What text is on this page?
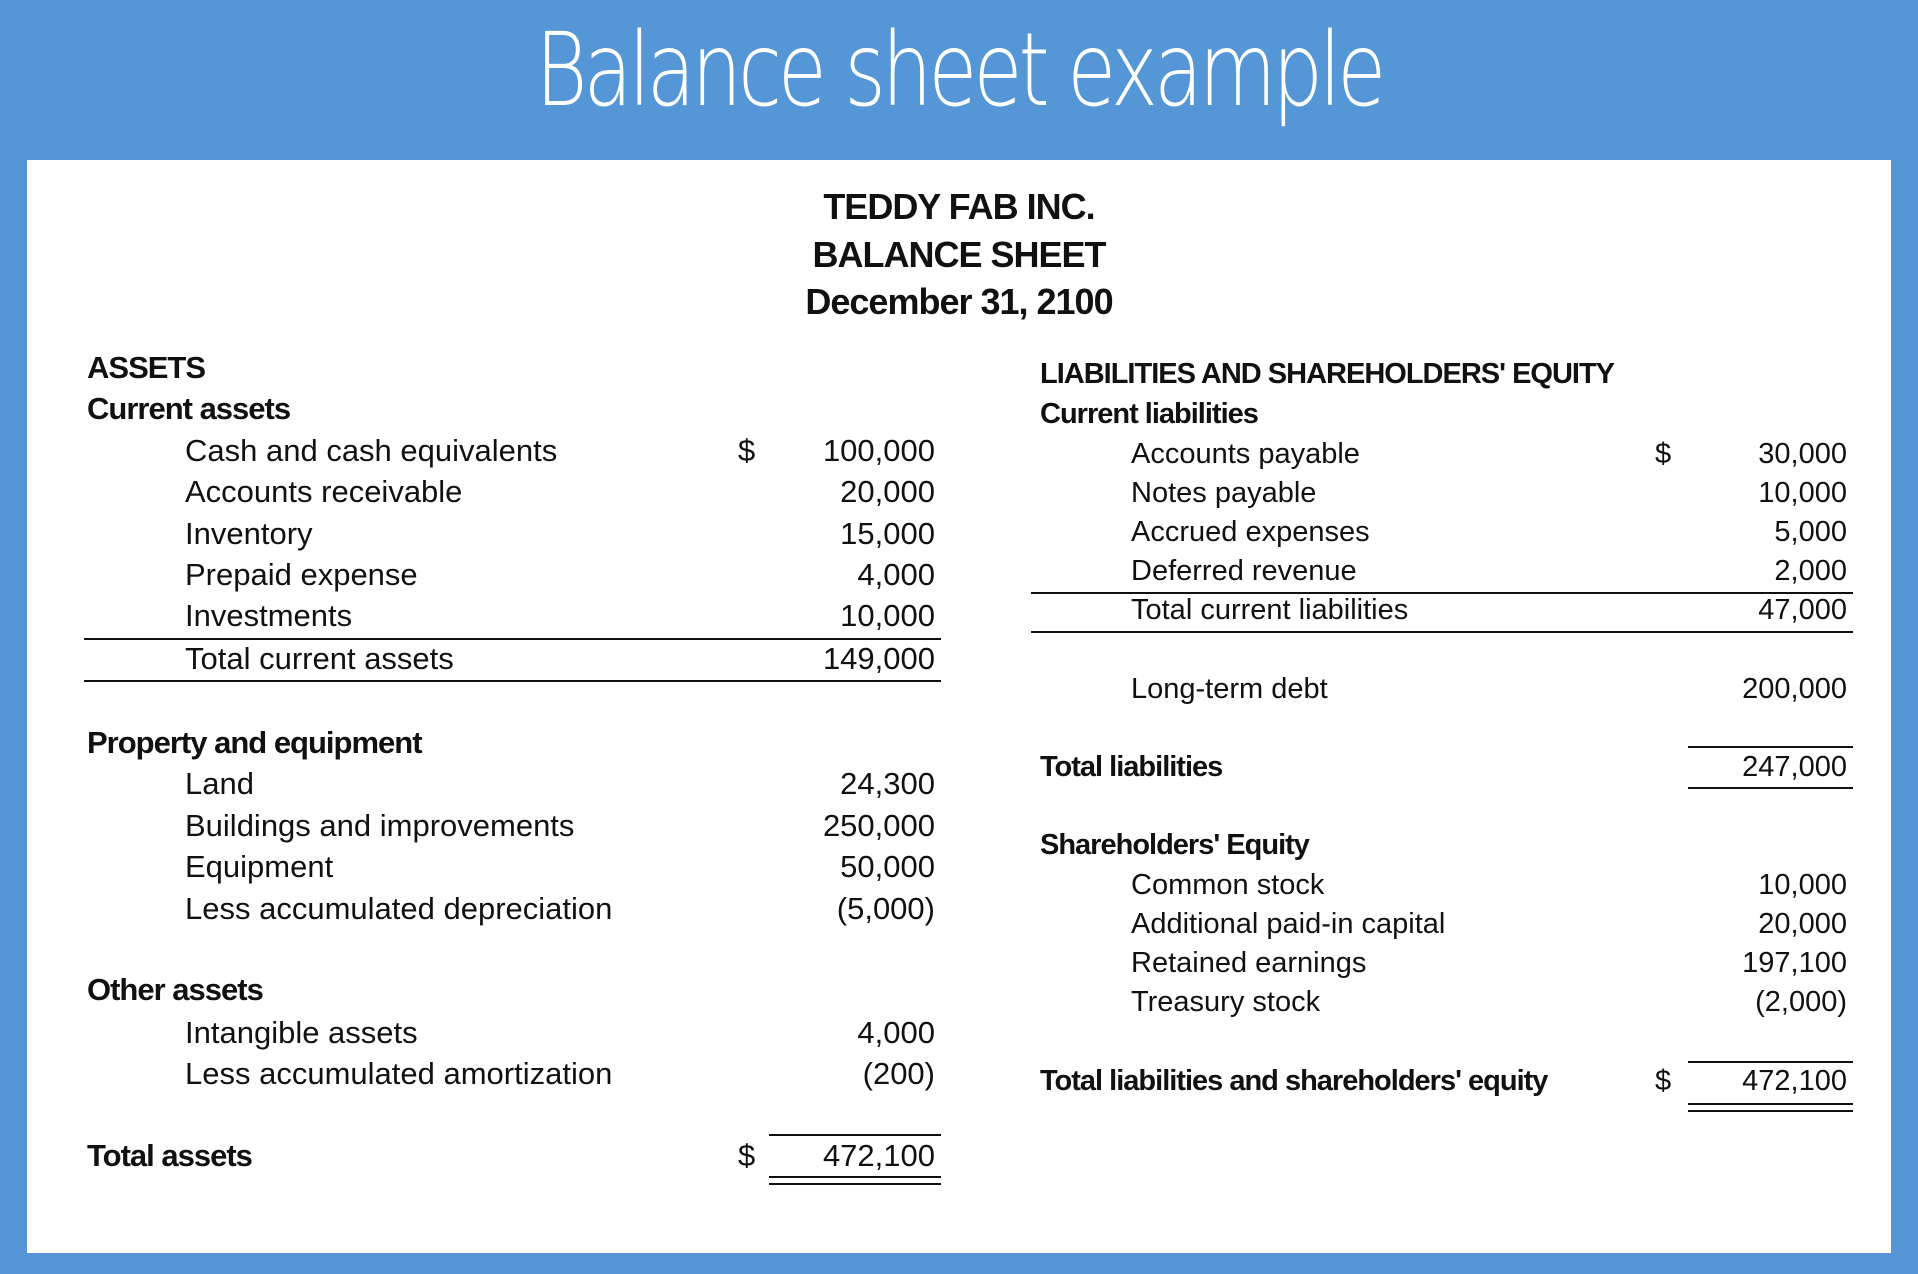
Balance sheet example
TEDDY FAB INC.
BALANCE SHEET
December 31, 2100
ASSETS
Current assets
Cash and cash equivalents	$	100,000
Accounts receivable	20,000
Inventory	15,000
Prepaid expense	4,000
Investments	10,000
Total current assets	149,000
Property and equipment
Land	24,300
Buildings and improvements	250,000
Equipment	50,000
Less accumulated depreciation	(5,000)
Other assets
Intangible assets	4,000
Less accumulated amortization	(200)
Total assets	$	472,100
LIABILITIES AND SHAREHOLDERS' EQUITY
Current liabilities
Accounts payable	$	30,000
Notes payable	10,000
Accrued expenses	5,000
Deferred revenue	2,000
Total current liabilities	47,000
Long-term debt	200,000
Total liabilities	247,000
Shareholders' Equity
Common stock	10,000
Additional paid-in capital	20,000
Retained earnings	197,100
Treasury stock	(2,000)
Total liabilities and shareholders' equity	$	472,100
